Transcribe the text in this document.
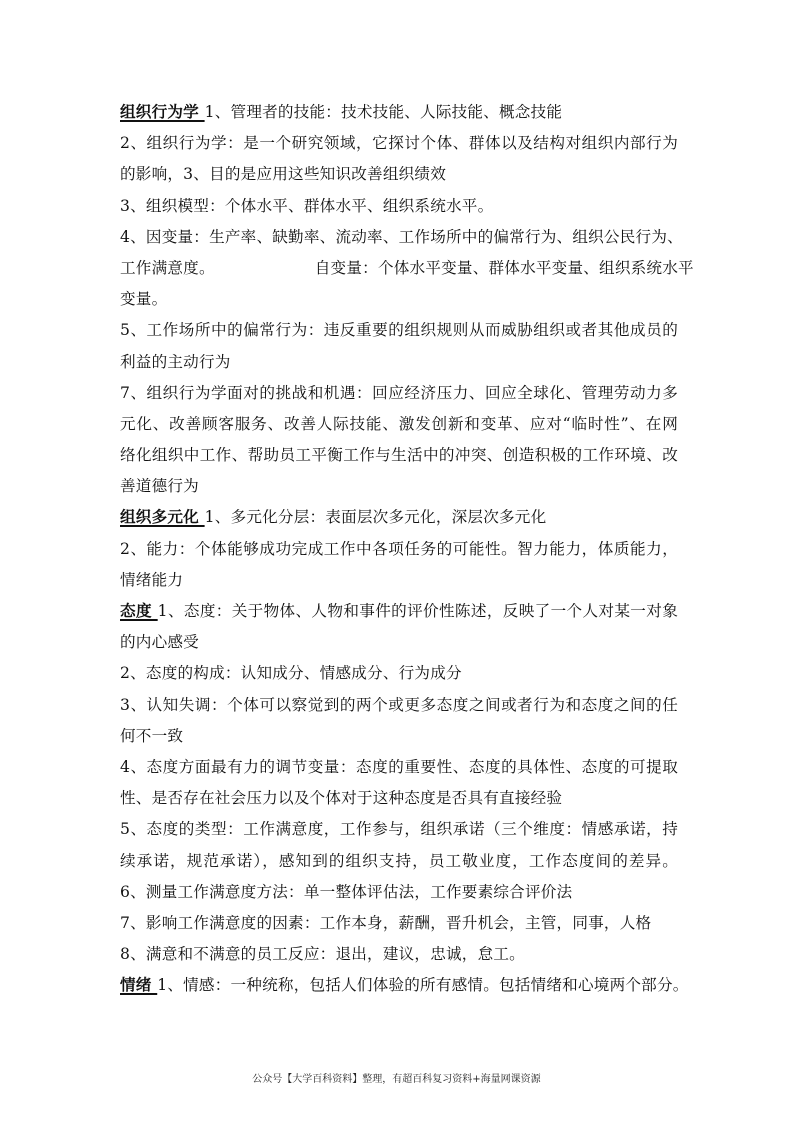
组织行为学 1、管理者的技能：技术技能、人际技能、概念技能
2、组织行为学：是一个研究领域，它探讨个体、群体以及结构对组织内部行为
的影响，3、目的是应用这些知识改善组织绩效
3、组织模型：个体水平、群体水平、组织系统水平。
4、因变量：生产率、缺勤率、流动率、工作场所中的偏常行为、组织公民行为、
工作满意度。	自变量：个体水平变量、群体水平变量、组织系统水平
变量。
5、工作场所中的偏常行为：违反重要的组织规则从而威胁组织或者其他成员的
利益的主动行为
7、组织行为学面对的挑战和机遇：回应经济压力、回应全球化、管理劳动力多
元化、改善顾客服务、改善人际技能、激发创新和变革、应对“临时性”、在网
络化组织中工作、帮助员工平衡工作与生活中的冲突、创造积极的工作环境、改
善道德行为
组织多元化 1、多元化分层：表面层次多元化，深层次多元化
2、能力：个体能够成功完成工作中各项任务的可能性。智力能力，体质能力，
情绪能力
态度 1、态度：关于物体、人物和事件的评价性陈述，反映了一个人对某一对象
的内心感受
2、态度的构成：认知成分、情感成分、行为成分
3、认知失调：个体可以察觉到的两个或更多态度之间或者行为和态度之间的任
何不一致
4、态度方面最有力的调节变量：态度的重要性、态度的具体性、态度的可提取
性、是否存在社会压力以及个体对于这种态度是否具有直接经验
5、态度的类型：工作满意度，工作参与，组织承诺（三个维度：情感承诺，持
续承诺，规范承诺），感知到的组织支持，员工敬业度，工作态度间的差异。
6、测量工作满意度方法：单一整体评估法，工作要素综合评价法
7、影响工作满意度的因素：工作本身，薪酬，晋升机会，主管，同事，人格
8、满意和不满意的员工反应：退出，建议，忠诚，怠工。
情绪 1、情感：一种统称，包括人们体验的所有感情。包括情绪和心境两个部分。
公众号【大学百科资料】整理，有超百科复习资料+海量网课资源
